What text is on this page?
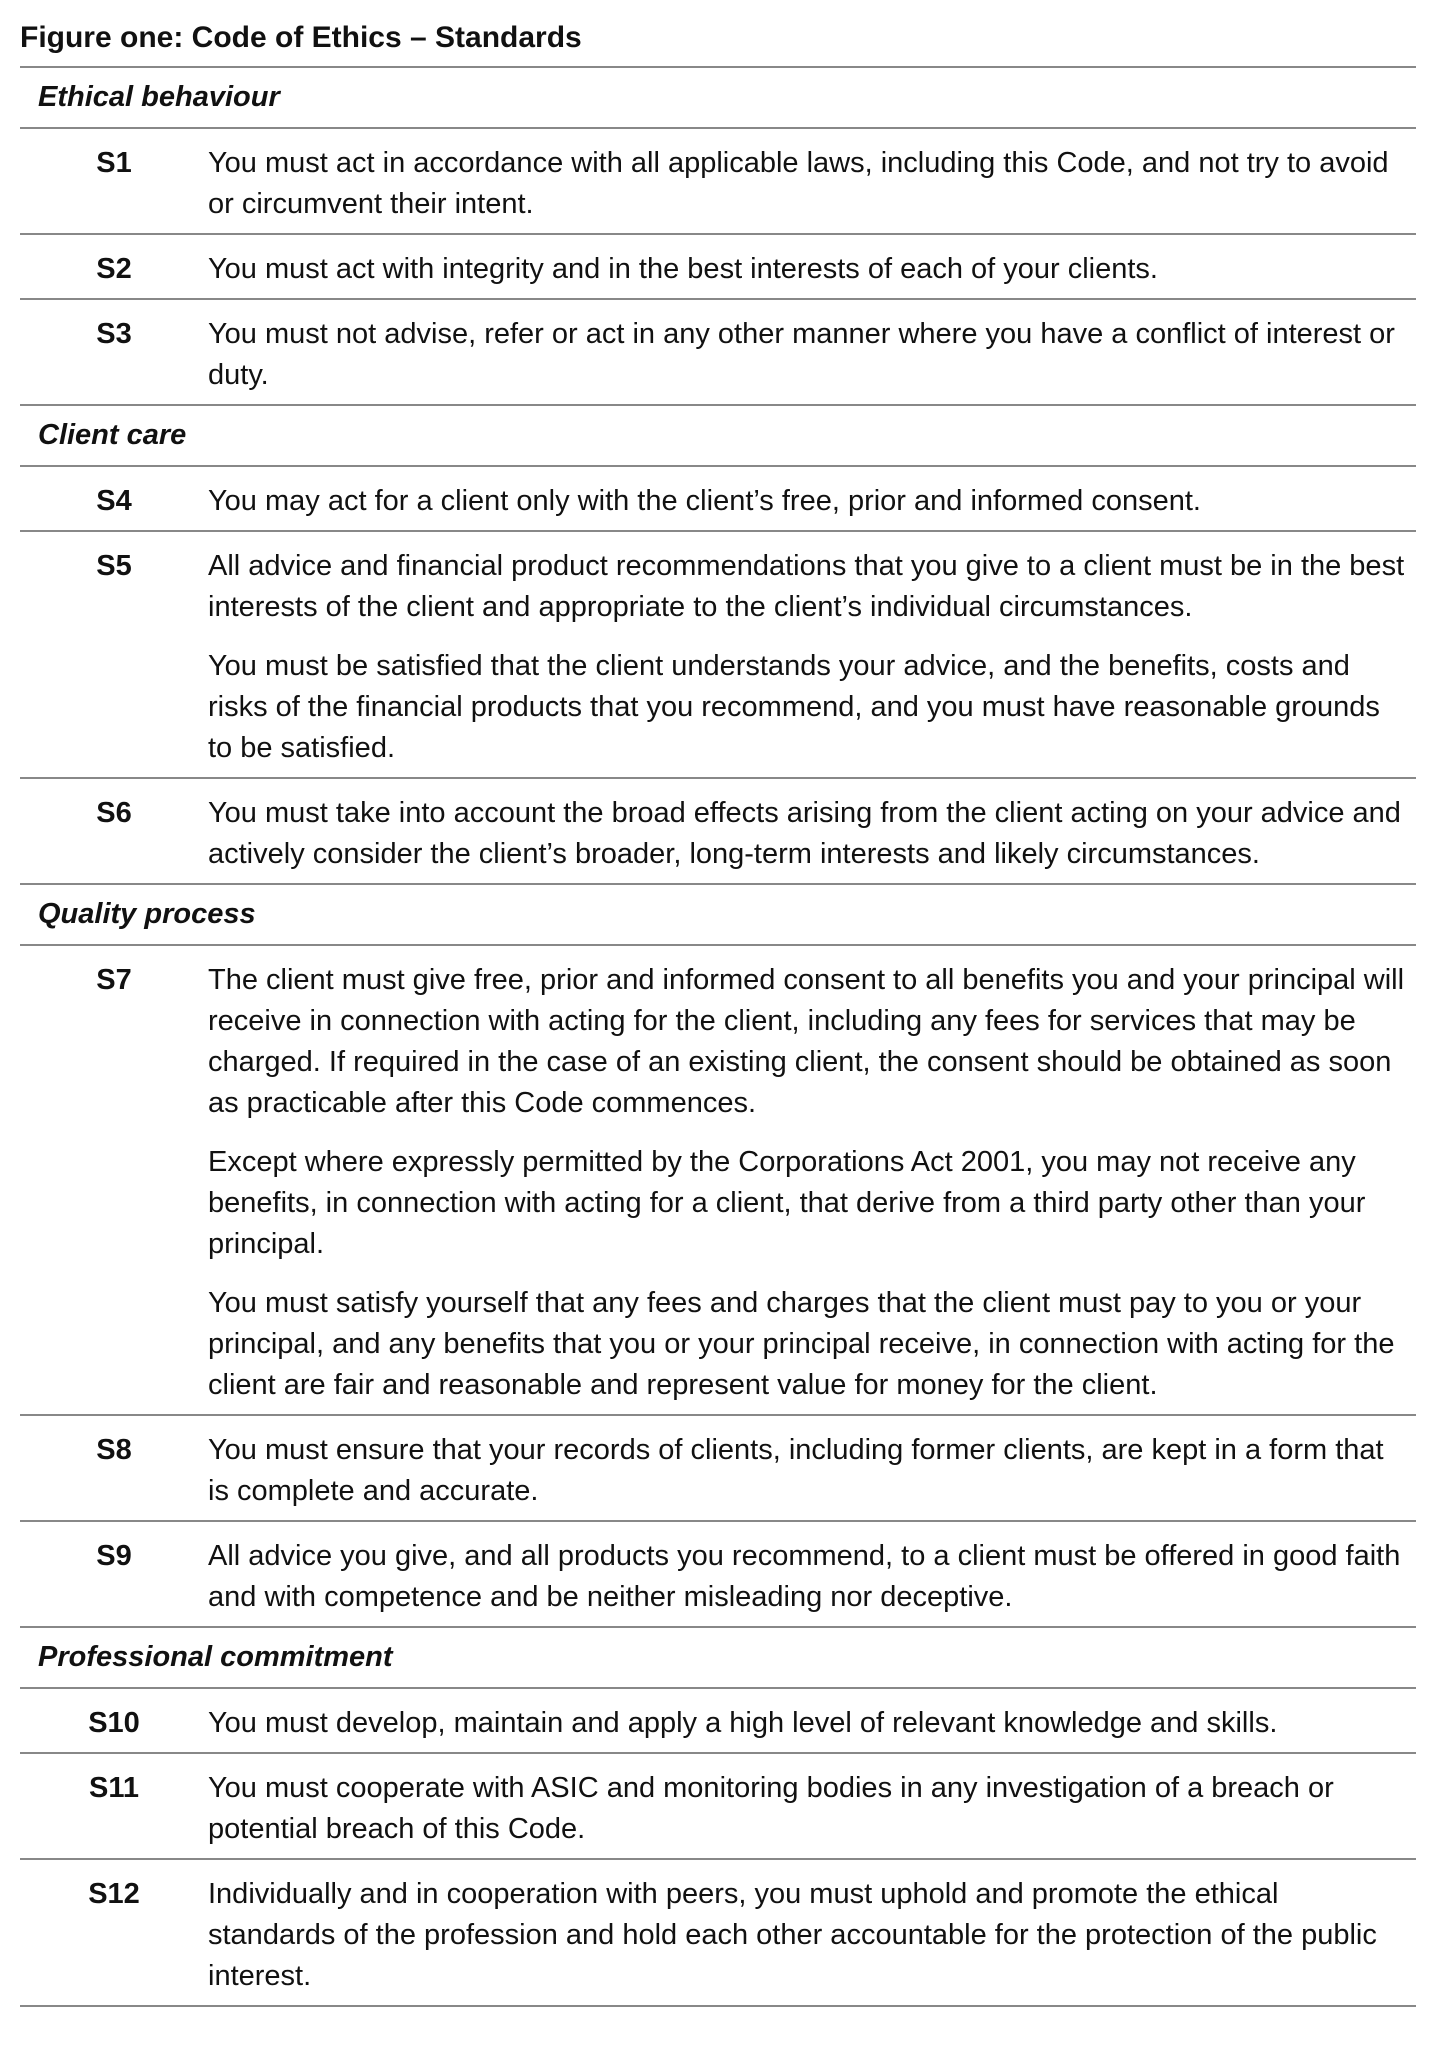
Figure one: Code of Ethics – Standards
Ethical behaviour
S1	You must act in accordance with all applicable laws, including this Code, and not try to avoid or circumvent their intent.

S2	You must act with integrity and in the best interests of each of your clients.

S3	You must not advise, refer or act in any other manner where you have a conflict of interest or duty.

Client care
S4	You may act for a client only with the client’s free, prior and informed consent.

S5	All advice and financial product recommendations that you give to a client must be in the best interests of the client and appropriate to the client’s individual circumstances.

You must be satisfied that the client understands your advice, and the benefits, costs and risks of the financial products that you recommend, and you must have reasonable grounds to be satisfied.

S6	You must take into account the broad effects arising from the client acting on your advice and actively consider the client’s broader, long-term interests and likely circumstances.

Quality process
S7	The client must give free, prior and informed consent to all benefits you and your principal will receive in connection with acting for the client, including any fees for services that may be charged. If required in the case of an existing client, the consent should be obtained as soon as practicable after this Code commences.

Except where expressly permitted by the Corporations Act 2001, you may not receive any benefits, in connection with acting for a client, that derive from a third party other than your principal.

You must satisfy yourself that any fees and charges that the client must pay to you or your principal, and any benefits that you or your principal receive, in connection with acting for the client are fair and reasonable and represent value for money for the client.

S8	You must ensure that your records of clients, including former clients, are kept in a form that is complete and accurate.

S9	All advice you give, and all products you recommend, to a client must be offered in good faith and with competence and be neither misleading nor deceptive.

Professional commitment
S10	You must develop, maintain and apply a high level of relevant knowledge and skills.

S11	You must cooperate with ASIC and monitoring bodies in any investigation of a breach or potential breach of this Code.

S12	Individually and in cooperation with peers, you must uphold and promote the ethical standards of the profession and hold each other accountable for the protection of the public interest.
